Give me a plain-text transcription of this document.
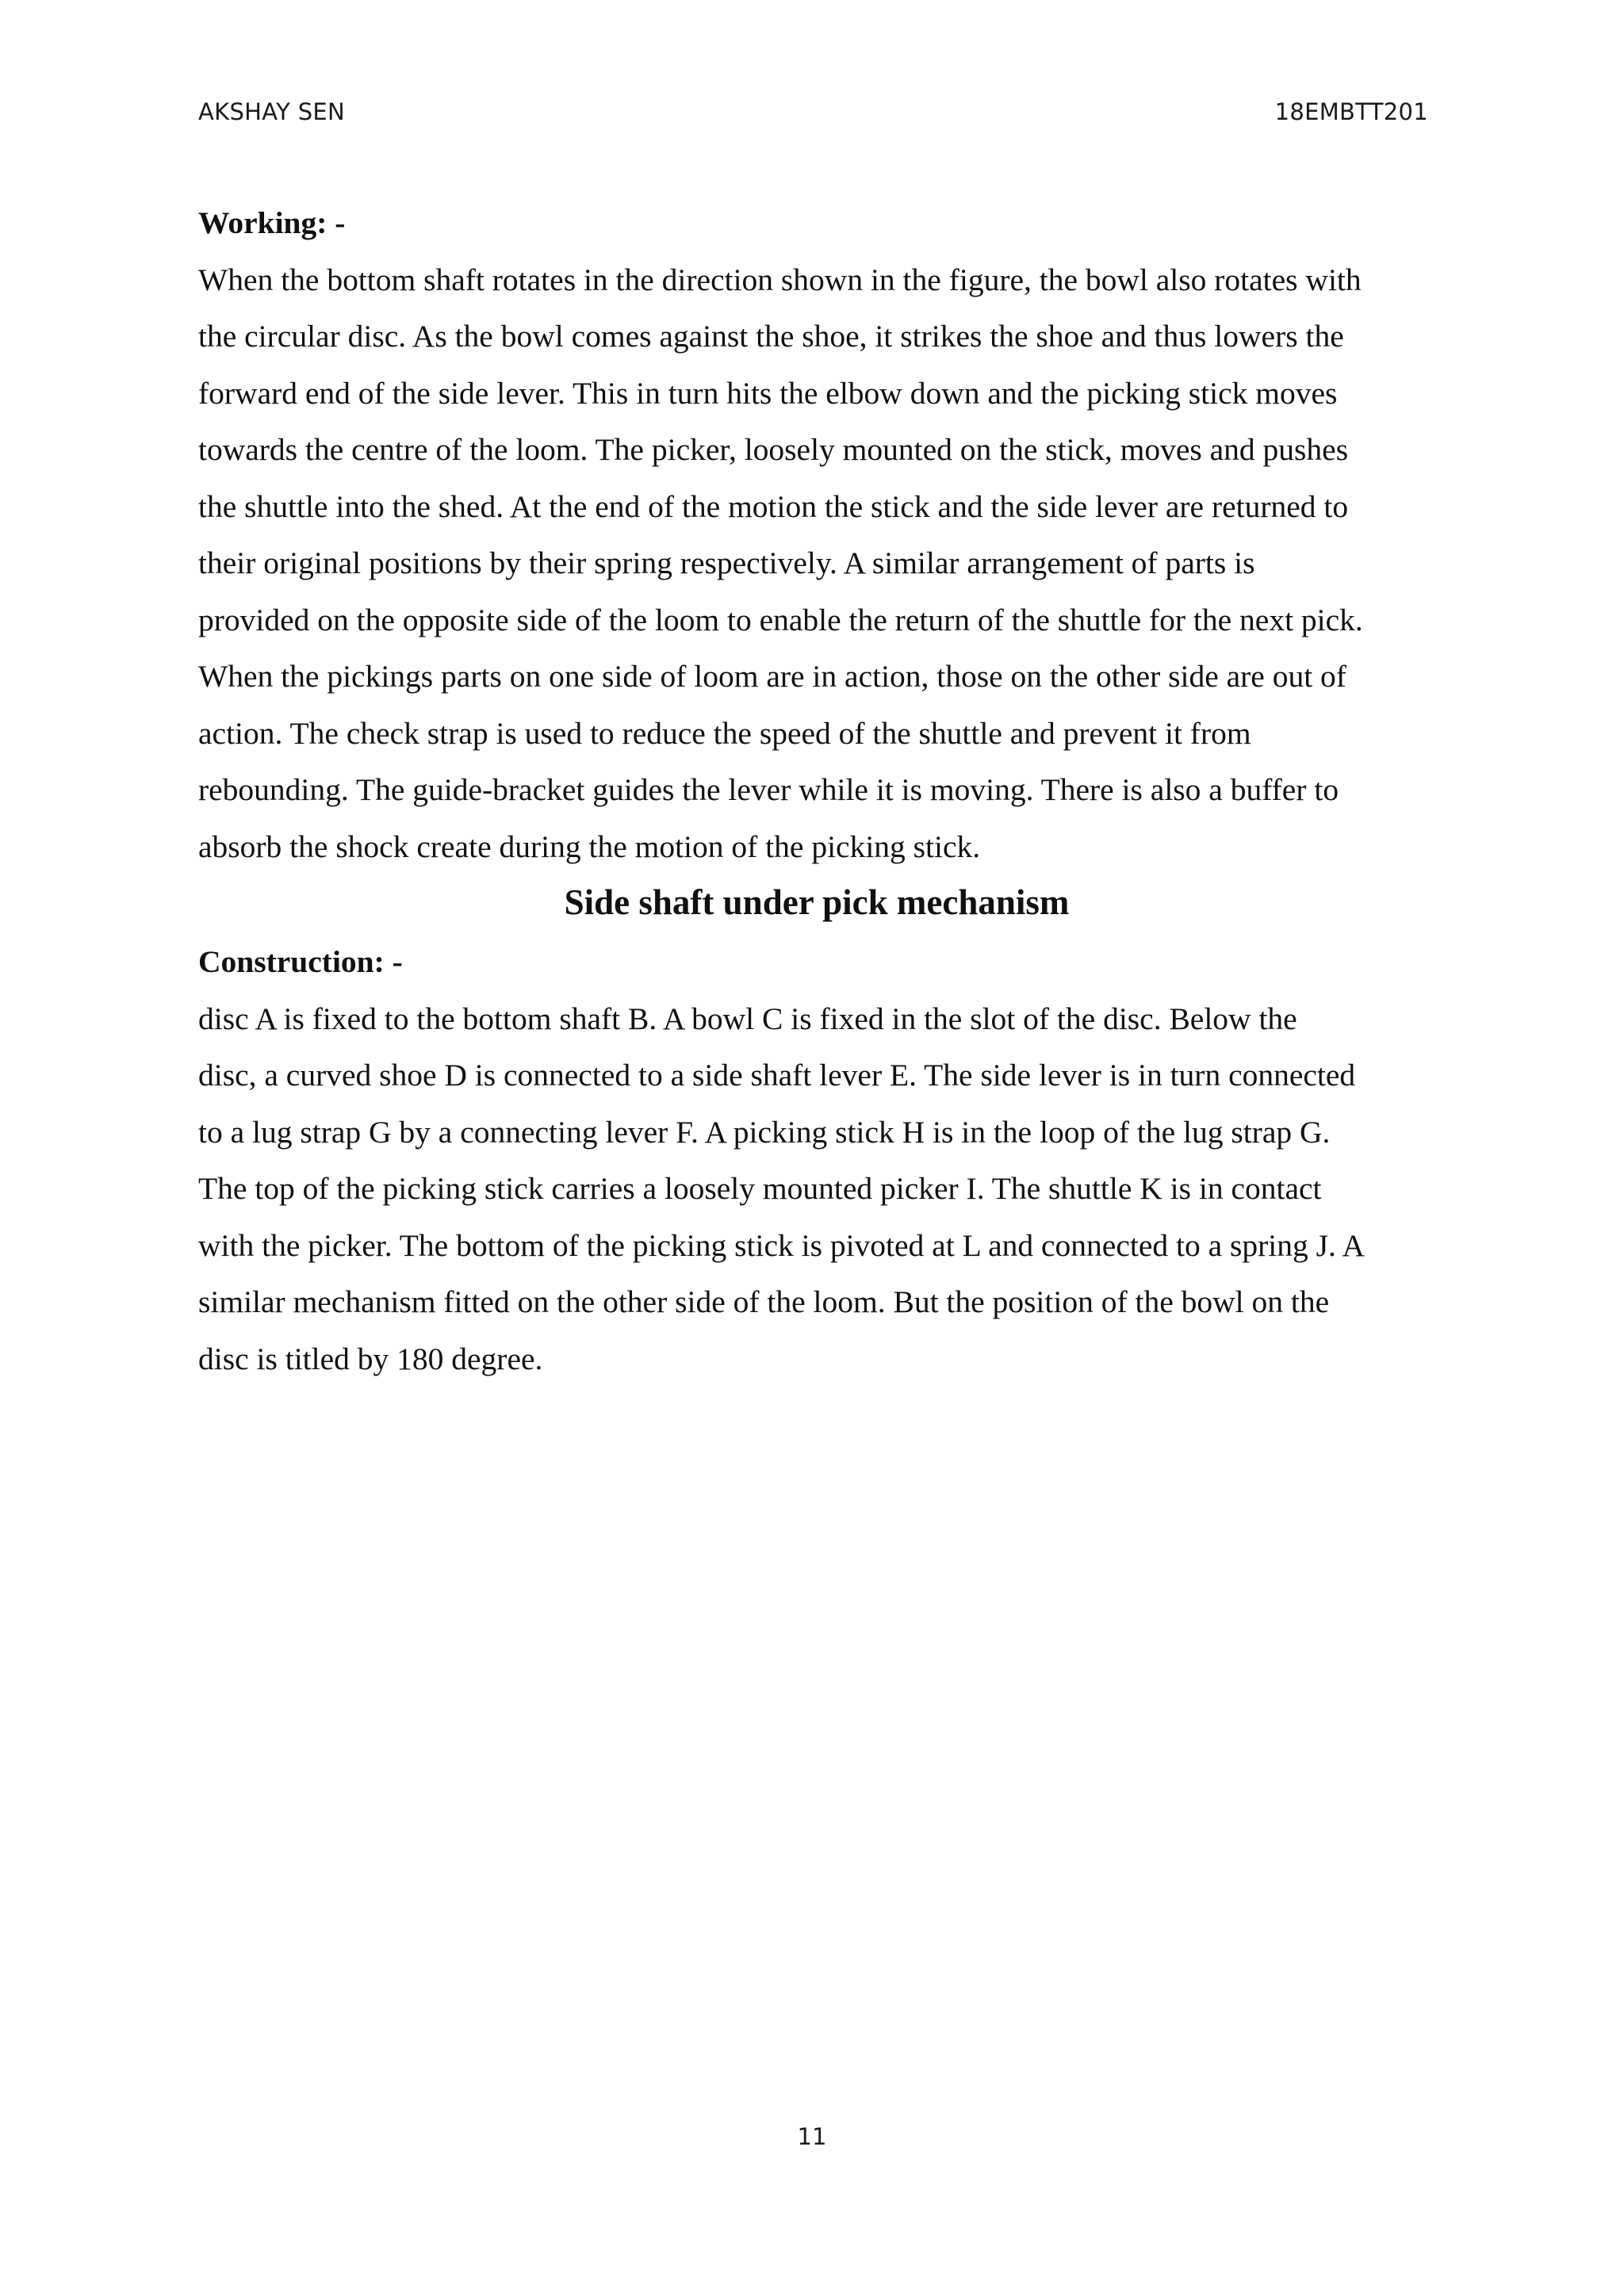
AKSHAY SEN	18EMBTT201
Working: -
When the bottom shaft rotates in the direction shown in the figure, the bowl also rotates with
the circular disc. As the bowl comes against the shoe, it strikes the shoe and thus lowers the
forward end of the side lever. This in turn hits the elbow down and the picking stick moves
towards the centre of the loom. The picker, loosely mounted on the stick, moves and pushes
the shuttle into the shed. At the end of the motion the stick and the side lever are returned to
their original positions by their spring respectively. A similar arrangement of parts is
provided on the opposite side of the loom to enable the return of the shuttle for the next pick.
When the pickings parts on one side of loom are in action, those on the other side are out of
action. The check strap is used to reduce the speed of the shuttle and prevent it from
rebounding. The guide-bracket guides the lever while it is moving. There is also a buffer to
absorb the shock create during the motion of the picking stick.
Side shaft under pick mechanism
Construction: -
disc A is fixed to the bottom shaft B. A bowl C is fixed in the slot of the disc. Below the
disc, a curved shoe D is connected to a side shaft lever E. The side lever is in turn connected
to a lug strap G by a connecting lever F. A picking stick H is in the loop of the lug strap G.
The top of the picking stick carries a loosely mounted picker I. The shuttle K is in contact
with the picker. The bottom of the picking stick is pivoted at L and connected to a spring J. A
similar mechanism fitted on the other side of the loom. But the position of the bowl on the
disc is titled by 180 degree.
11
